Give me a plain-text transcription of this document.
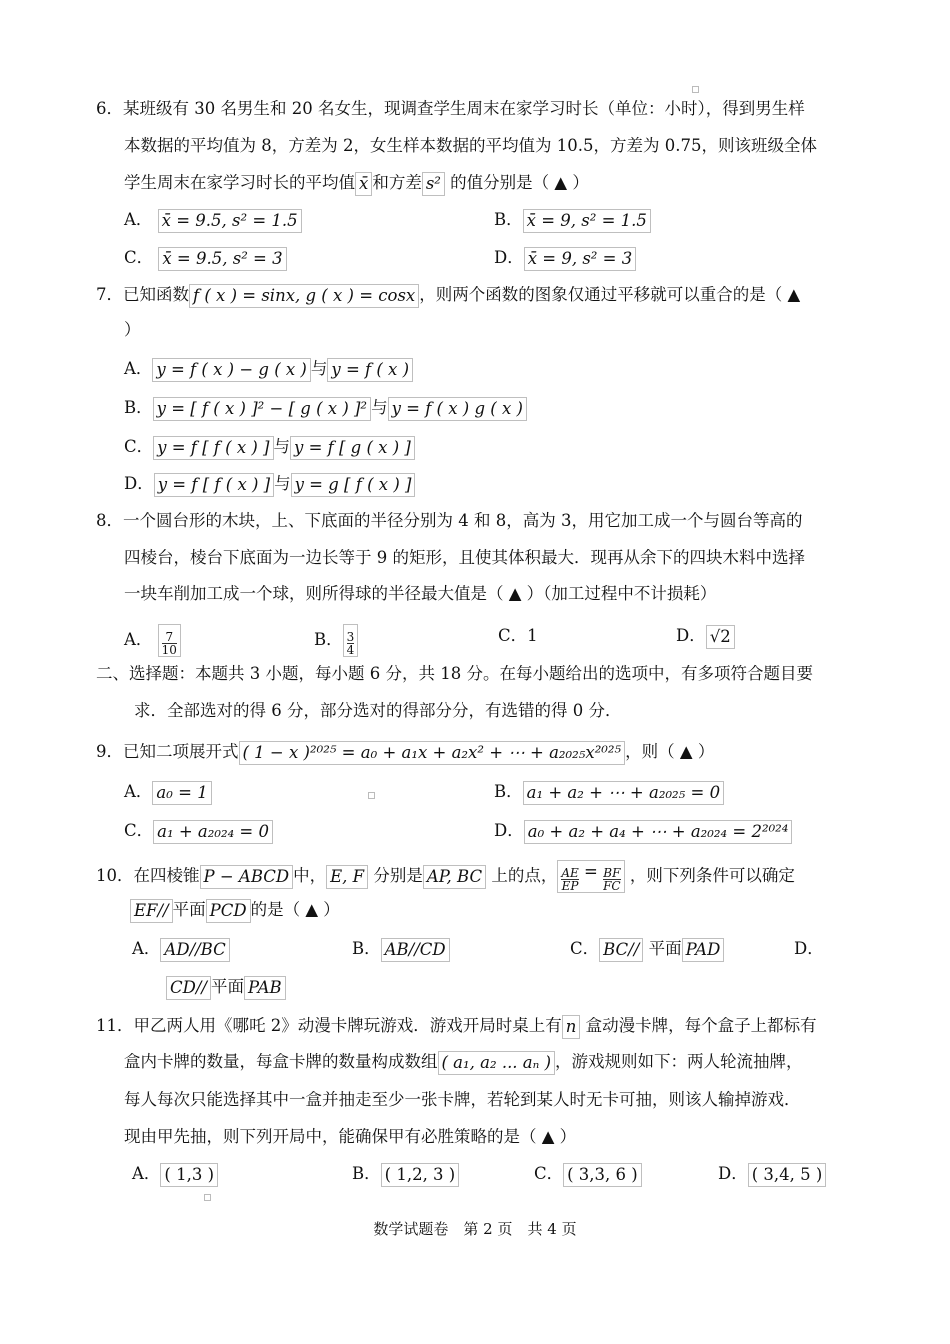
6．某班级有 30 名男生和 20 名女生，现调查学生周末在家学习时长（单位：小时），得到男生样
本数据的平均值为 8，方差为 2，女生样本数据的平均值为 10.5，方差为 0.75，则该班级全体
学生周末在家学习时长的平均值 x̄ 和方差 s² 的值分别是（ ▲ ）
A． x̄ = 9.5, s² = 1.5	B． x̄ = 9, s² = 1.5
C． x̄ = 9.5, s² = 3	D． x̄ = 9, s² = 3
7．已知函数 f ( x ) = sinx, g ( x ) = cosx ，则两个函数的图象仅通过平移就可以重合的是（ ▲
）
A． y = f ( x ) − g ( x ) 与 y = f ( x )
B． y = [ f ( x ) ]² − [ g ( x ) ]² 与 y = f ( x ) g ( x )
C． y = f [ f ( x ) ] 与 y = f [ g ( x ) ]
D． y = f [ f ( x ) ] 与 y = g [ f ( x ) ]
8．一个圆台形的木块，上、下底面的半径分别为 4 和 8，高为 3，用它加工成一个与圆台等高的
四棱台，棱台下底面为一边长等于 9 的矩形，且使其体积最大．现再从余下的四块木料中选择
一块车削加工成一个球，则所得球的半径最大值是（ ▲ ）（加工过程中不计损耗）
A． $\frac{7}{10}$	B． $\frac{3}{4}$	C．1	D． √2
二、选择题：本题共 3 小题，每小题 6 分，共 18 分。在每小题给出的选项中，有多项符合题目要
求．全部选对的得 6 分，部分选对的得部分分，有选错的得 0 分．
9．已知二项展开式 ( 1 − x )²⁰²⁵ = a₀ + a₁x + a₂x² + ⋯ + a₂₀₂₅x²⁰²⁵ ，则（ ▲ ）
A． a₀ = 1	B． a₁ + a₂ + ⋯ + a₂₀₂₅ = 0
C． a₁ + a₂₀₂₄ = 0	D． a₀ + a₂ + a₄ + ⋯ + a₂₀₂₄ = 2²⁰²⁴
10．在四棱锥 P − ABCD 中， E, F 分别是 AP, BC 上的点， $\frac{AE}{EP} = \frac{BF}{FC}$ ，则下列条件可以确定
EF// 平面 PCD 的是（ ▲ ）
A． AD//BC	B． AB//CD	C． BC// 平面 PAD	D．
CD// 平面 PAB
11．甲乙两人用《哪吒 2》动漫卡牌玩游戏．游戏开局时桌上有 n 盒动漫卡牌，每个盒子上都标有
盒内卡牌的数量，每盒卡牌的数量构成数组 ( a₁, a₂ ... aₙ ) ，游戏规则如下：两人轮流抽牌，
每人每次只能选择其中一盒并抽走至少一张卡牌，若轮到某人时无卡可抽，则该人输掉游戏．
现由甲先抽，则下列开局中，能确保甲有必胜策略的是（ ▲ ）
A． ( 1,3 )	B． ( 1,2, 3 )	C． ( 3,3, 6 )	D． ( 3,4, 5 )
数学试题卷　第 2 页　共 4 页
